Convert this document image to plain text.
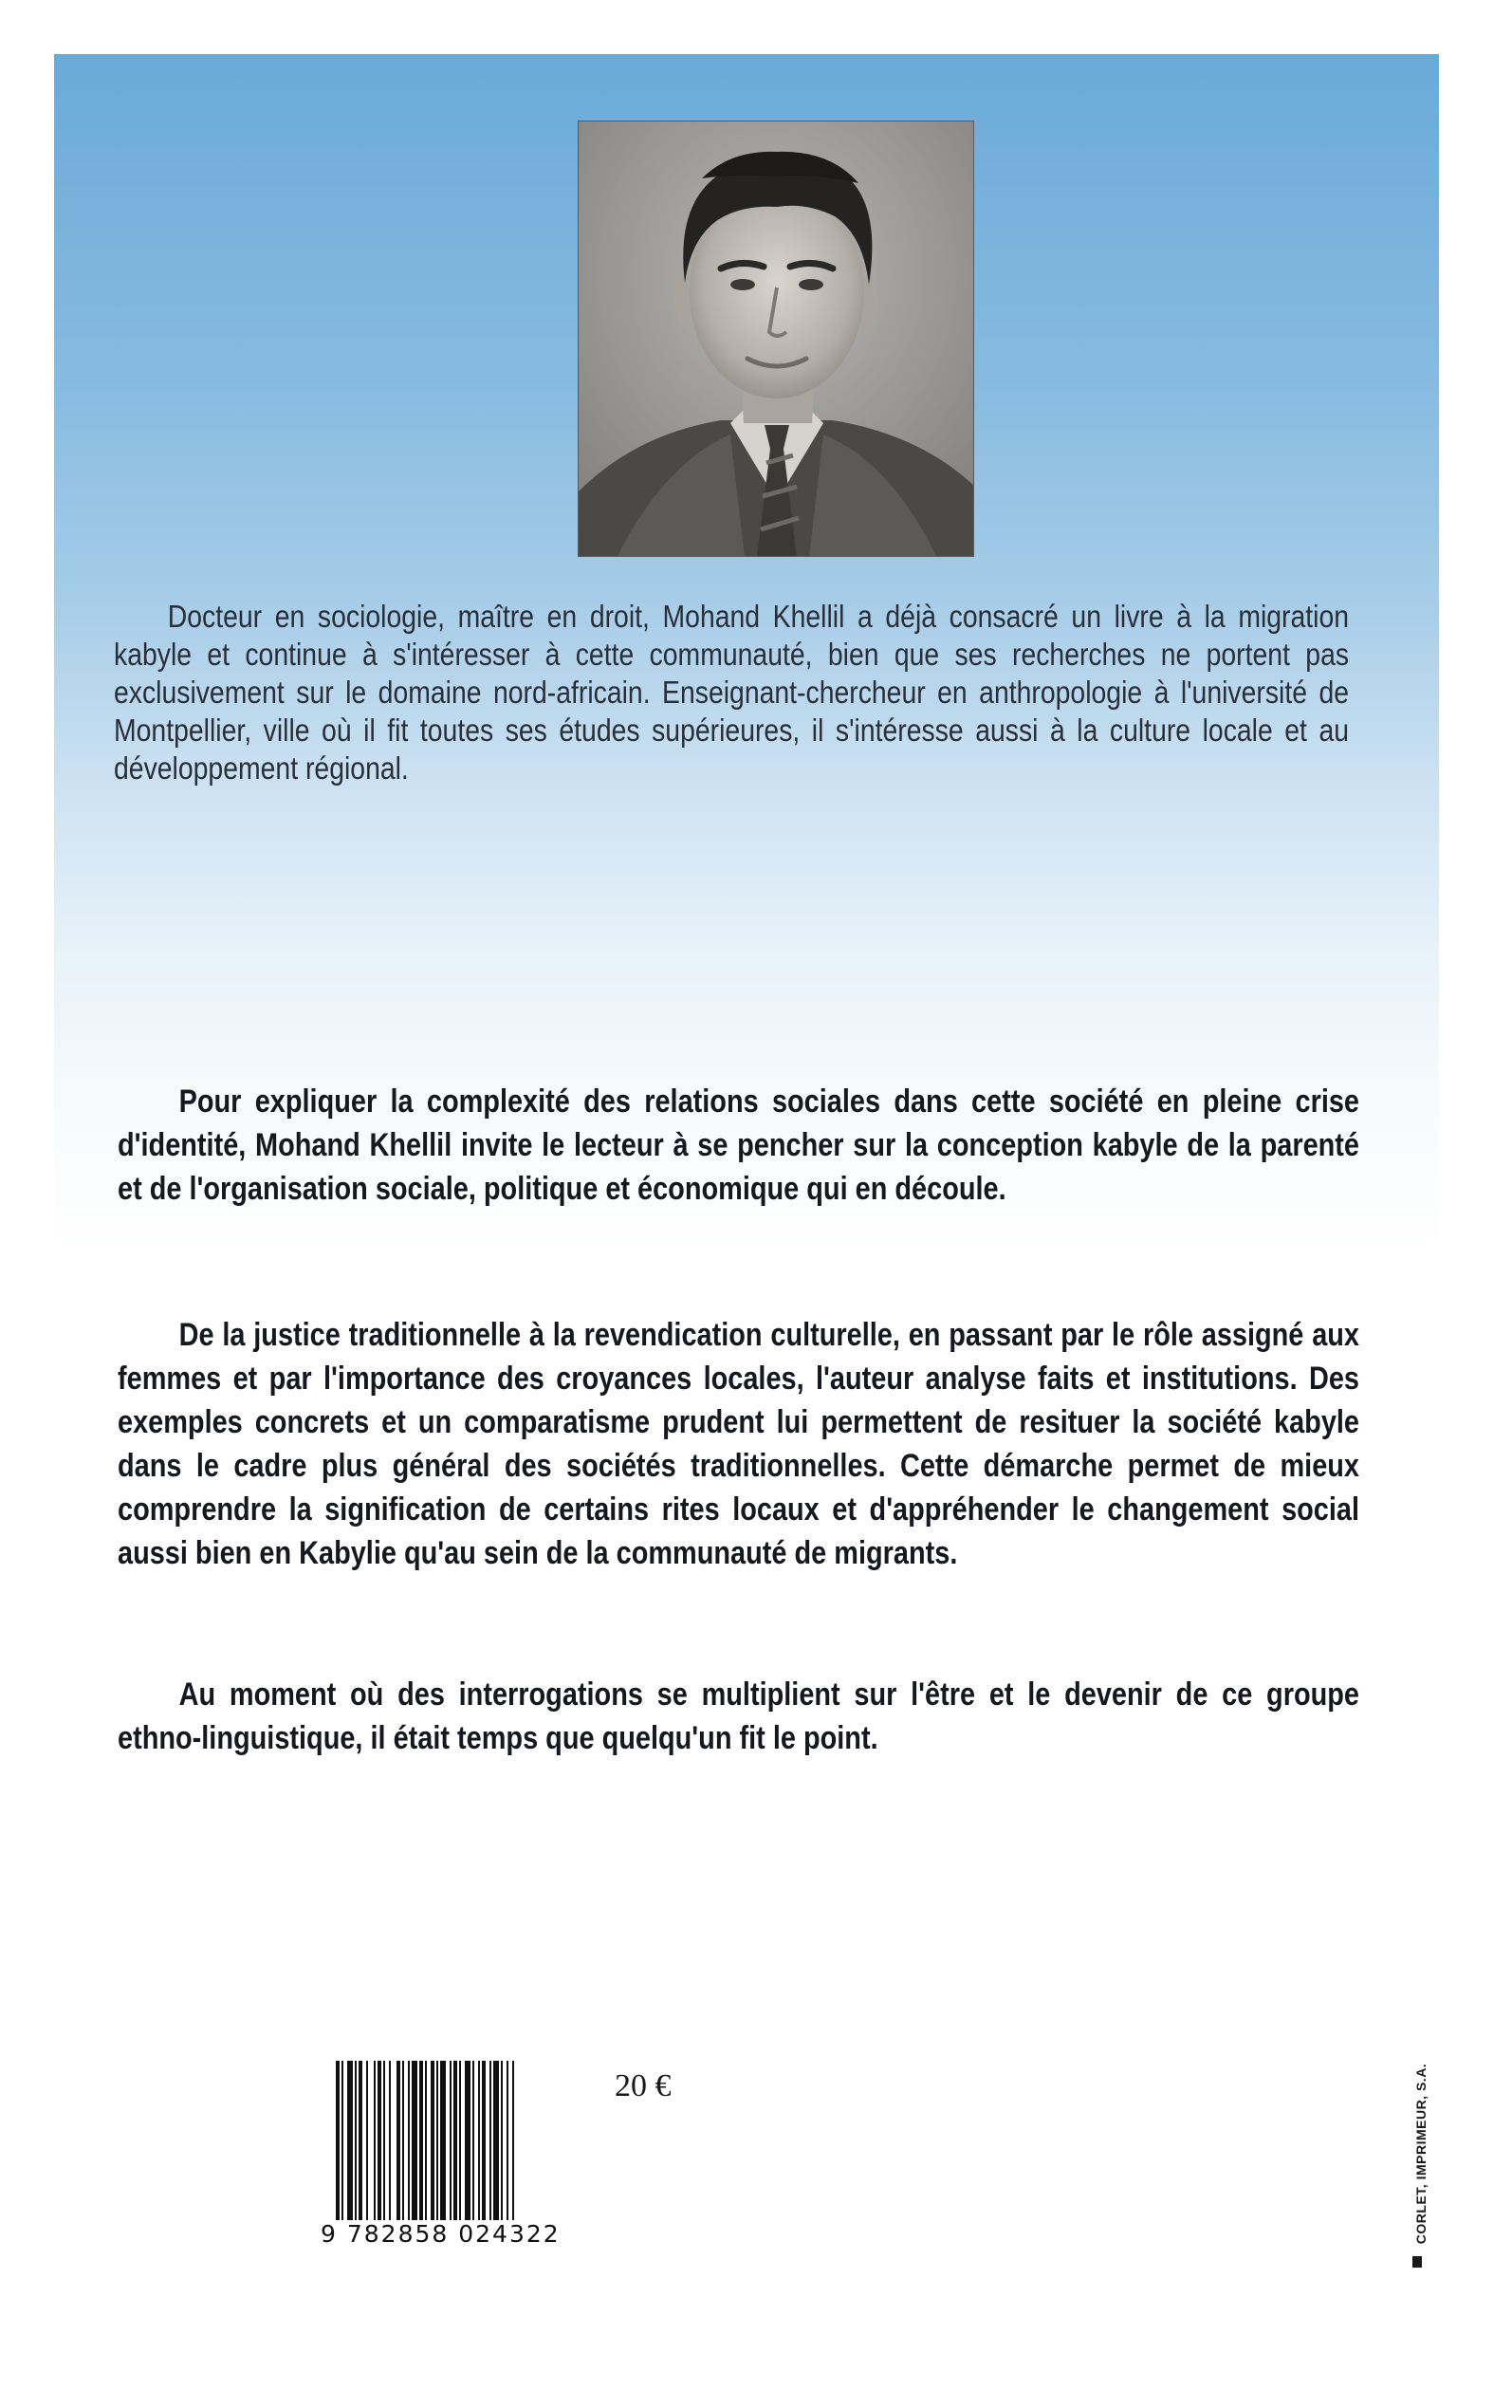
Docteur en sociologie, maître en droit, Mohand Khellil a déjà consacré un livre à la migration kabyle et continue à s'intéresser à cette communauté, bien que ses recherches ne portent pas exclusivement sur le domaine nord-africain. Enseignant-chercheur en anthropologie à l'université de Montpellier, ville où il fit toutes ses études supérieures, il s'intéresse aussi à la culture locale et au développement régional.

Pour expliquer la complexité des relations sociales dans cette société en pleine crise d'identité, Mohand Khellil invite le lecteur à se pencher sur la conception kabyle de la parenté et de l'organisation sociale, politique et économique qui en découle.

De la justice traditionnelle à la revendication culturelle, en passant par le rôle assigné aux femmes et par l'importance des croyances locales, l'auteur analyse faits et institutions. Des exemples concrets et un comparatisme prudent lui permettent de resituer la société kabyle dans le cadre plus général des sociétés traditionnelles. Cette démarche permet de mieux comprendre la signification de certains rites locaux et d'appréhender le changement social aussi bien en Kabylie qu'au sein de la communauté de migrants.

Au moment où des interrogations se multiplient sur l'être et le devenir de ce groupe ethno-linguistique, il était temps que quelqu'un fit le point.

9 782858 024322
20 €	CORLET, IMPRIMEUR, S.A.
